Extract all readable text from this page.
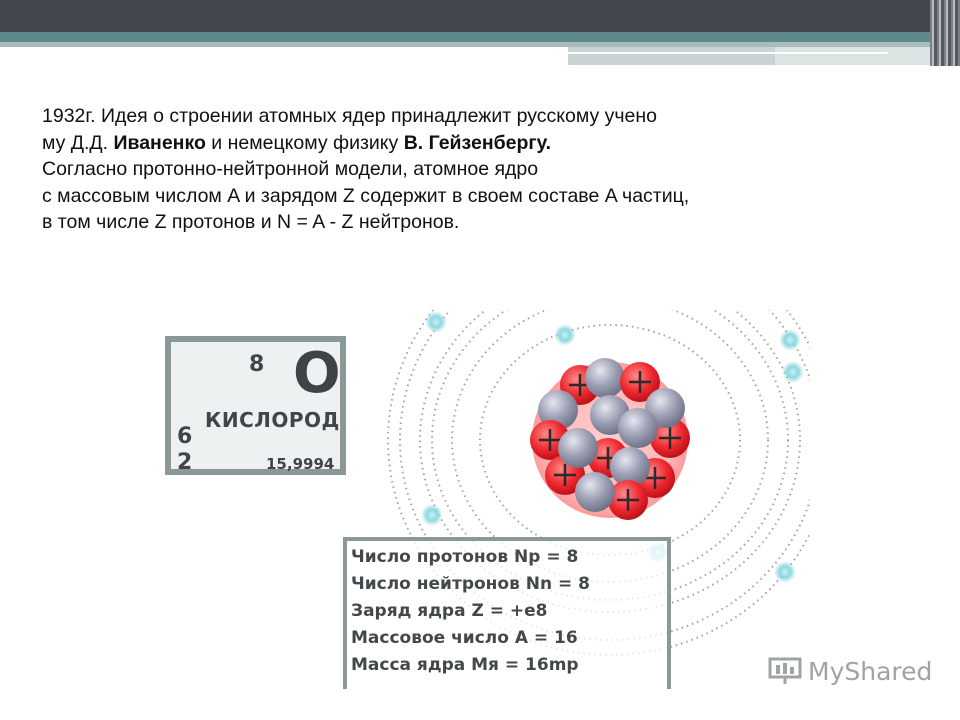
1932г. Идея о строении атомных ядер принадлежит русскому учено

му Д.Д. Иваненко и немецкому физику В. Гейзенбергу.

Согласно протонно-нейтронной модели, атомное ядро

с массовым числом A и зарядом Z содержит в своем составе A частиц,

в том числе Z протонов и N = A - Z нейтронов.

8 O
КИСЛОРОД
6
2	15,9994
Число протонов Np = 8
Число нейтронов Nn = 8
Заряд ядра Z = +e8
Массовое число A = 16
Масса ядра Mя = 16mp	MyShared
